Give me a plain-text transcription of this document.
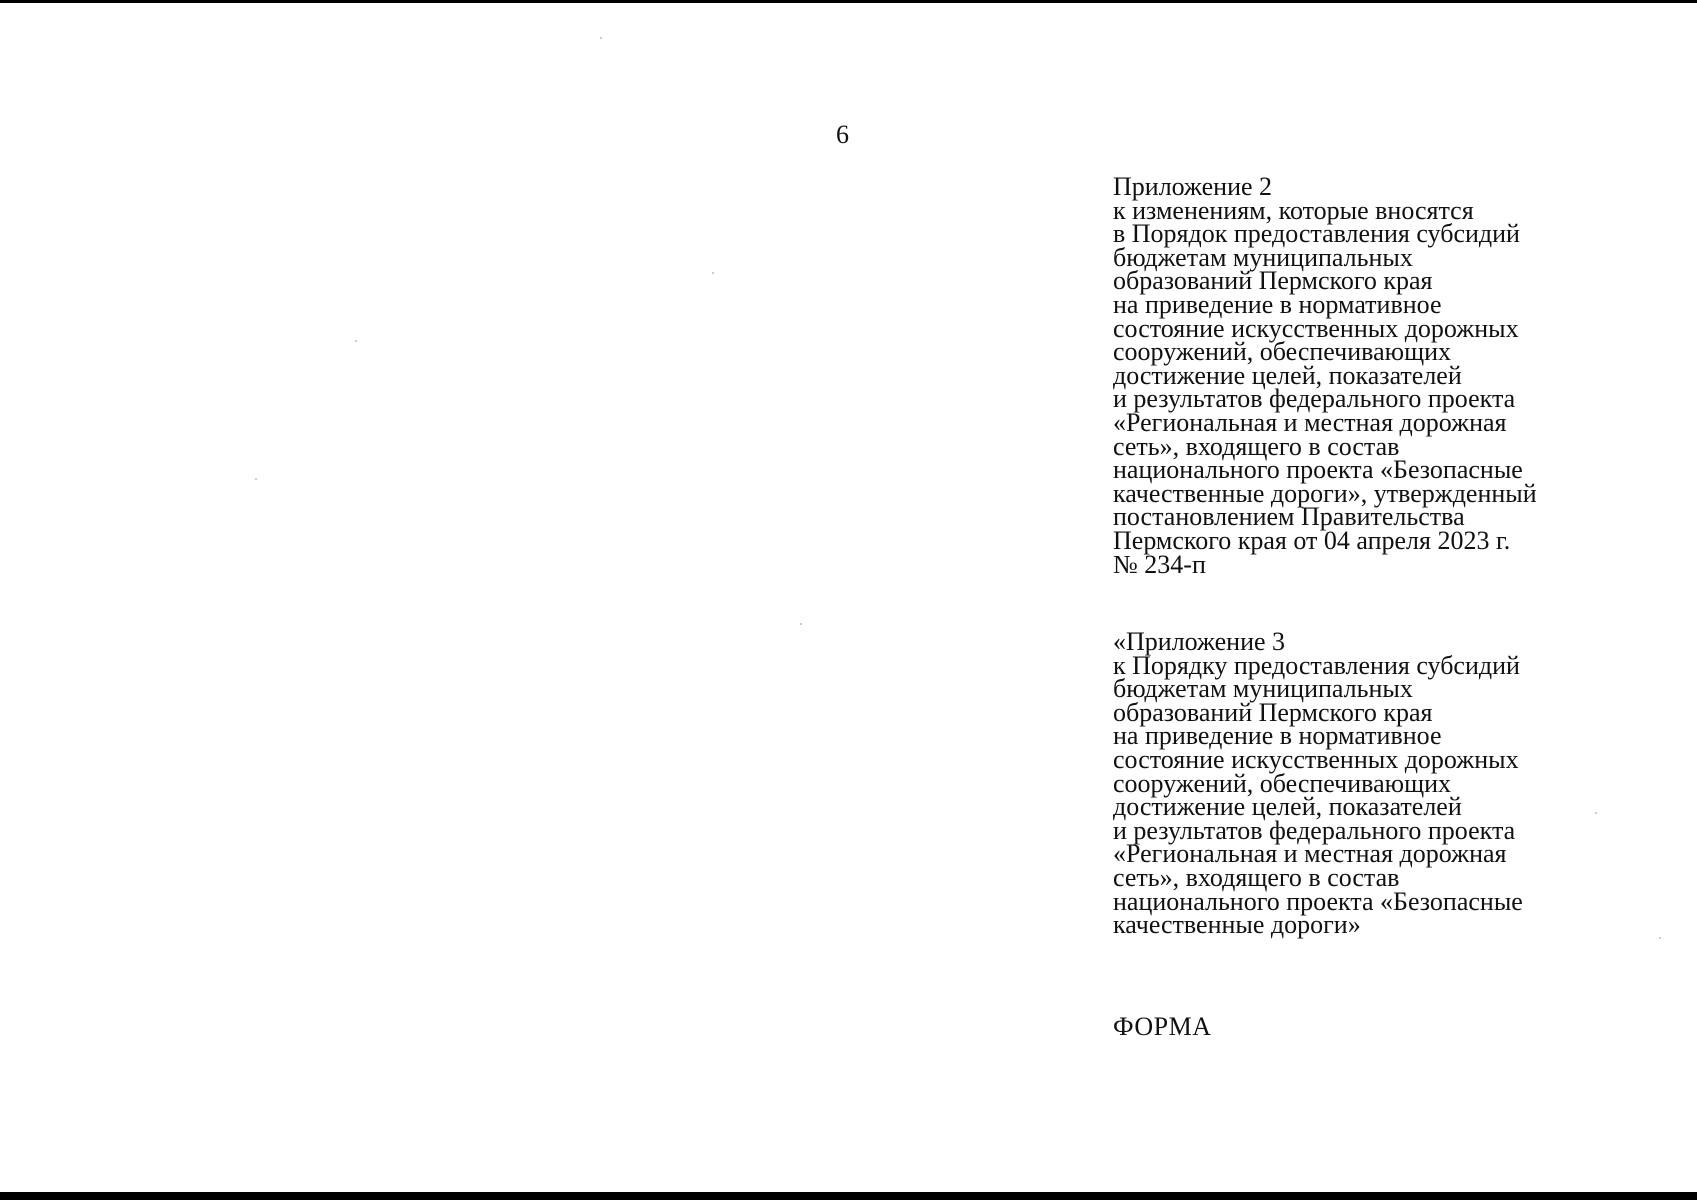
6
Приложение 2
к изменениям, которые вносятся
в Порядок предоставления субсидий
бюджетам муниципальных
образований Пермского края
на приведение в нормативное
состояние искусственных дорожных
сооружений, обеспечивающих
достижение целей, показателей
и результатов федерального проекта
«Региональная и местная дорожная
сеть», входящего в состав
национального проекта «Безопасные
качественные дороги», утвержденный
постановлением Правительства
Пермского края от 04 апреля 2023 г.
№ 234-п
«Приложение 3
к Порядку предоставления субсидий
бюджетам муниципальных
образований Пермского края
на приведение в нормативное
состояние искусственных дорожных
сооружений, обеспечивающих
достижение целей, показателей
и результатов федерального проекта
«Региональная и местная дорожная
сеть», входящего в состав
национального проекта «Безопасные
качественные дороги»
ФОРМА
